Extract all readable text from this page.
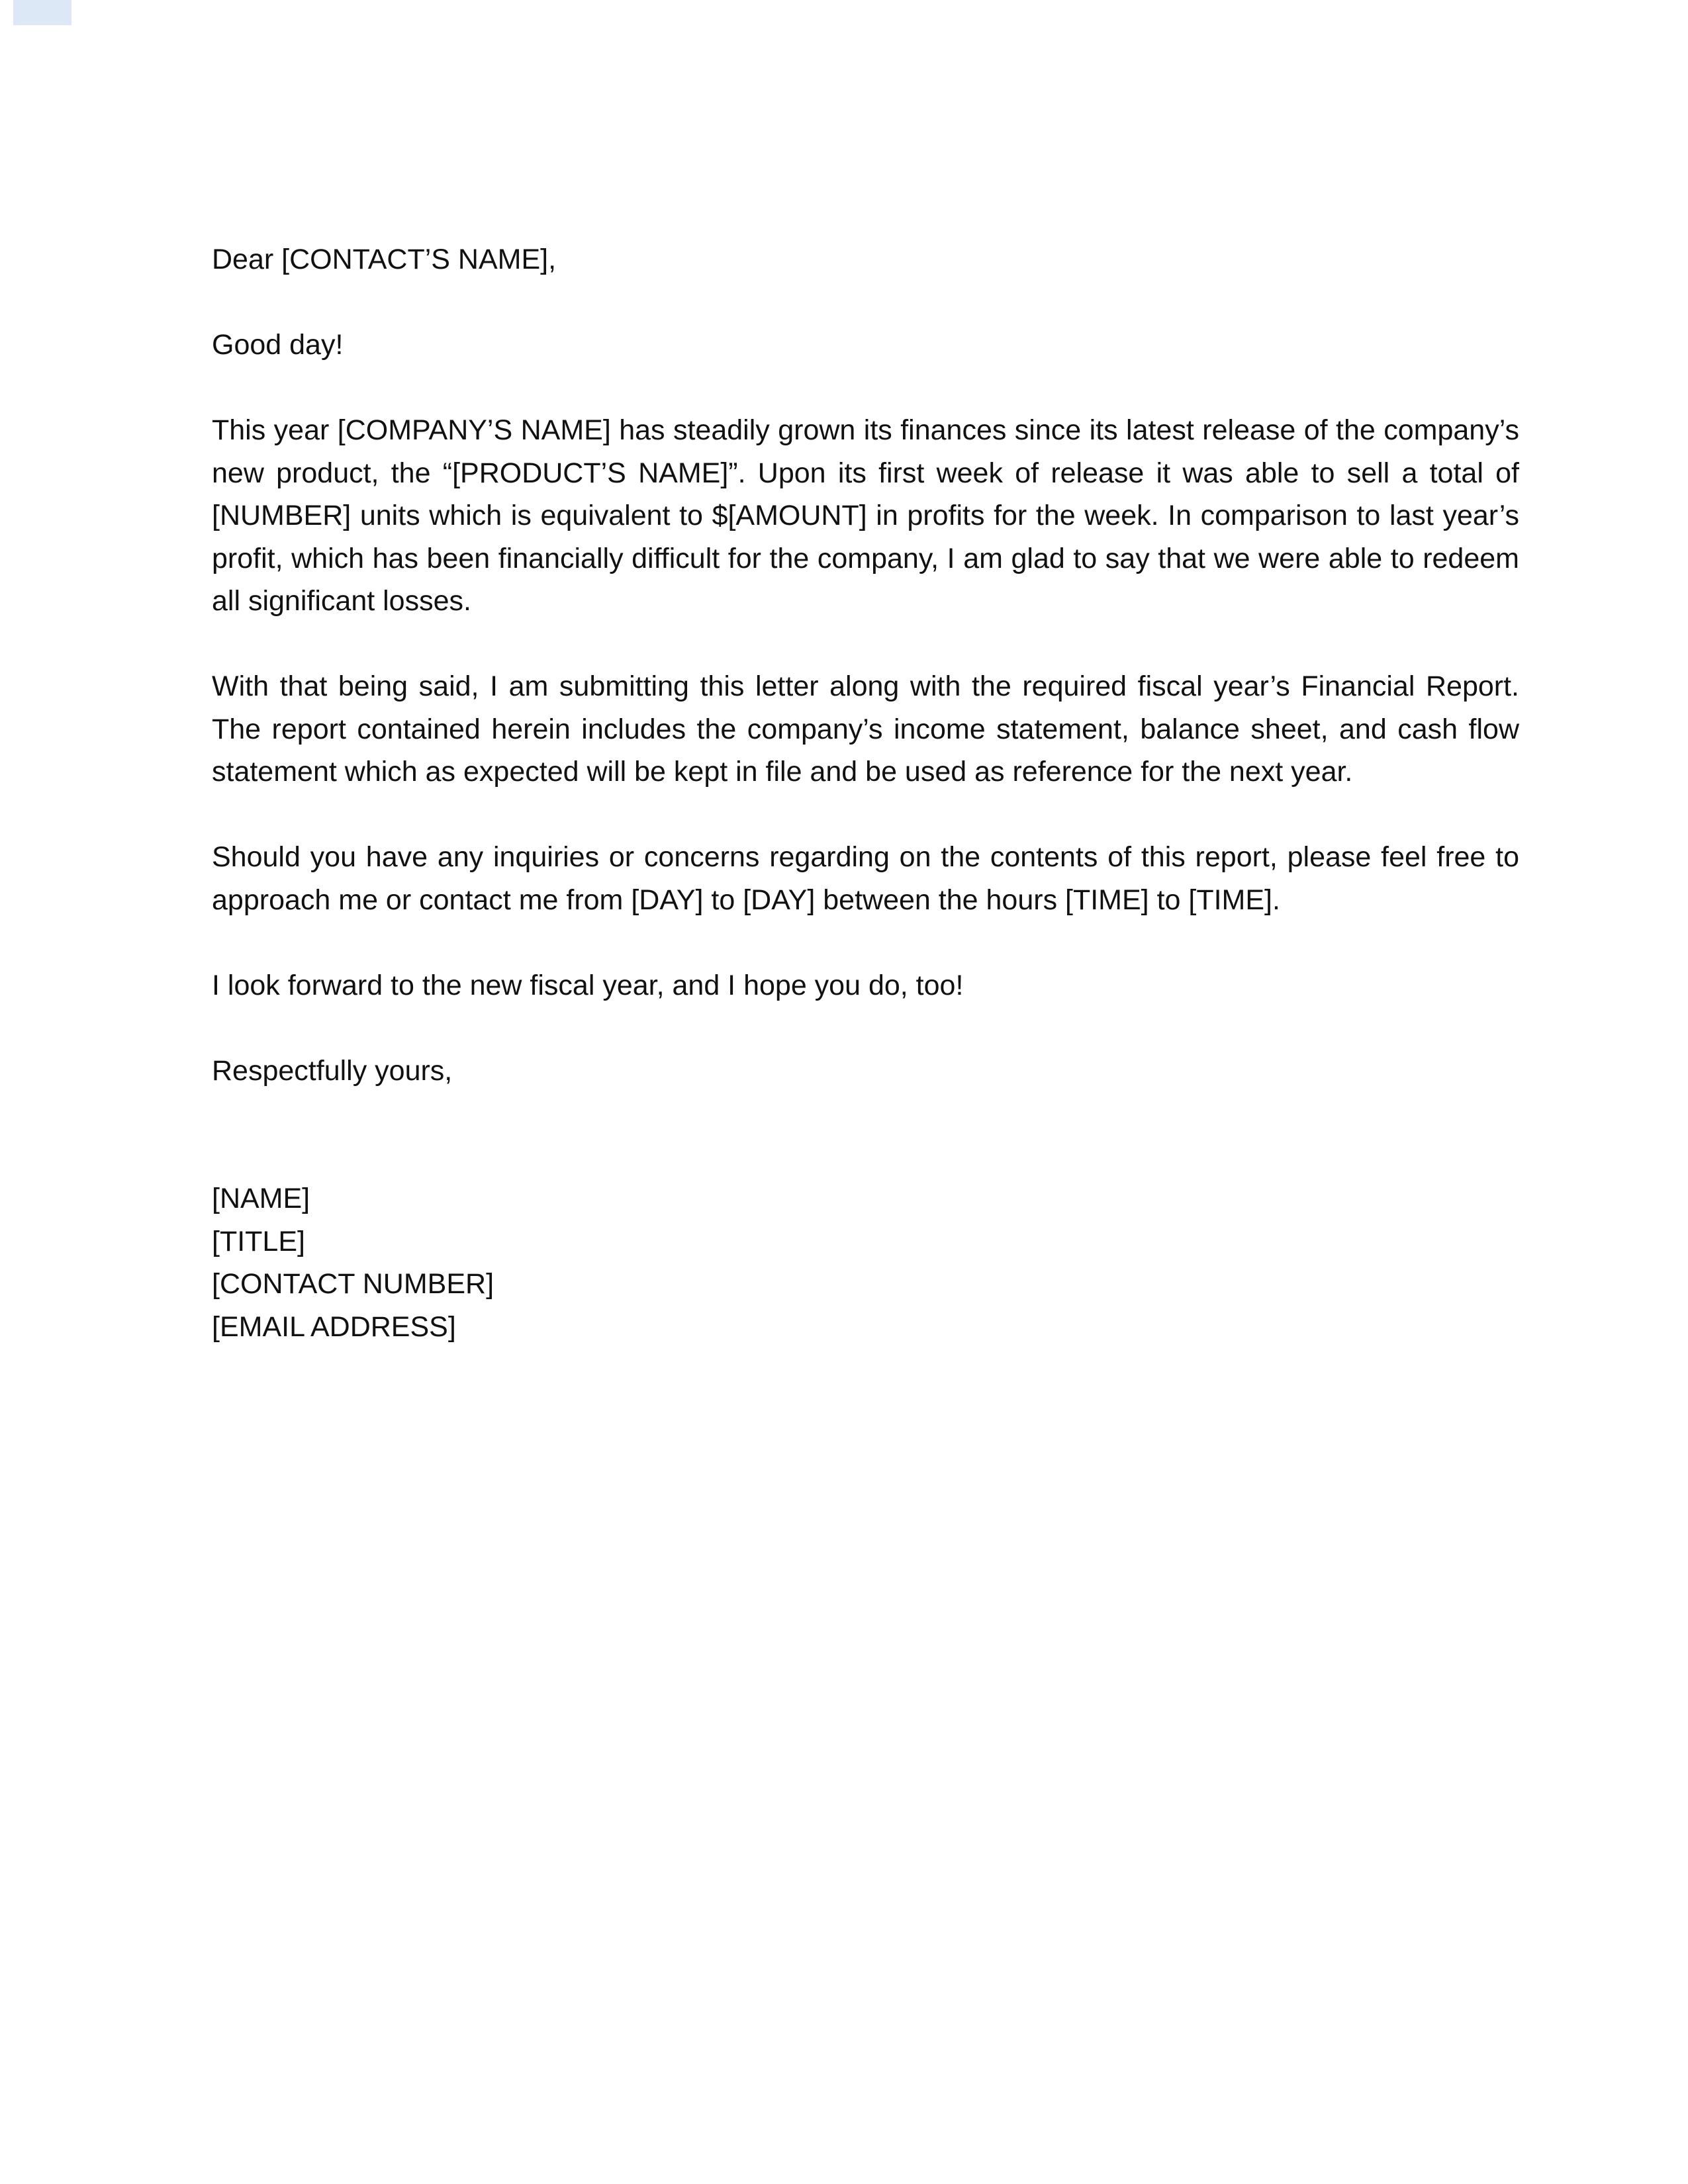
Dear [CONTACT’S NAME],

Good day!

This year [COMPANY’S NAME] has steadily grown its finances since its latest release of the company’s new product, the “[PRODUCT’S NAME]”. Upon its first week of release it was able to sell a total of [NUMBER] units which is equivalent to $[AMOUNT] in profits for the week. In comparison to last year’s profit, which has been financially difficult for the company, I am glad to say that we were able to redeem all significant losses.

With that being said, I am submitting this letter along with the required fiscal year’s Financial Report. The report contained herein includes the company’s income statement, balance sheet, and cash flow statement which as expected will be kept in file and be used as reference for the next year.

Should you have any inquiries or concerns regarding on the contents of this report, please feel free to approach me or contact me from [DAY] to [DAY] between the hours [TIME] to [TIME].

I look forward to the new fiscal year, and I hope you do, too!

Respectfully yours,

[NAME]
[TITLE]
[CONTACT NUMBER]
[EMAIL ADDRESS]
